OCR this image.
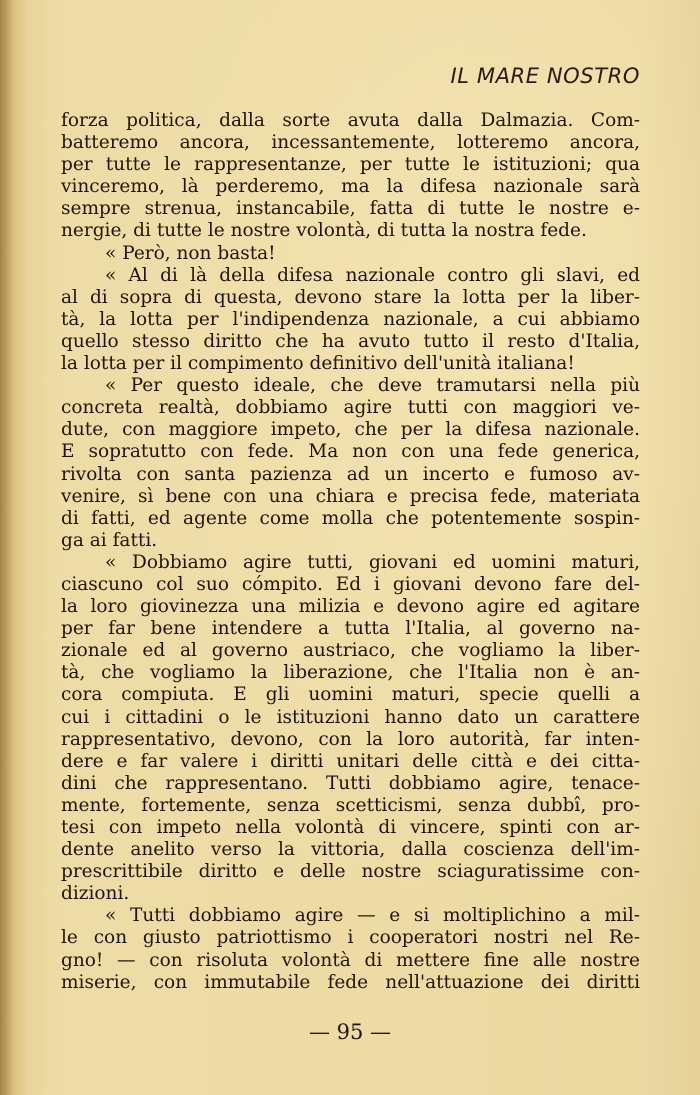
IL MARE NOSTRO
forza politica, dalla sorte avuta dalla Dalmazia. Com-
batteremo ancora, incessantemente, lotteremo ancora,
per tutte le rappresentanze, per tutte le istituzioni; qua
vinceremo, là perderemo, ma la difesa nazionale sarà
sempre strenua, instancabile, fatta di tutte le nostre e-
nergie, di tutte le nostre volontà, di tutta la nostra fede.
« Però, non basta!
« Al di là della difesa nazionale contro gli slavi, ed
al di sopra di questa, devono stare la lotta per la liber-
tà, la lotta per l'indipendenza nazionale, a cui abbiamo
quello stesso diritto che ha avuto tutto il resto d'Italia,
la lotta per il compimento definitivo dell'unità italiana!
« Per questo ideale, che deve tramutarsi nella più
concreta realtà, dobbiamo agire tutti con maggiori ve-
dute, con maggiore impeto, che per la difesa nazionale.
E sopratutto con fede. Ma non con una fede generica,
rivolta con santa pazienza ad un incerto e fumoso av-
venire, sì bene con una chiara e precisa fede, materiata
di fatti, ed agente come molla che potentemente sospin-
ga ai fatti.
« Dobbiamo agire tutti, giovani ed uomini maturi,
ciascuno col suo cómpito. Ed i giovani devono fare del-
la loro giovinezza una milizia e devono agire ed agitare
per far bene intendere a tutta l'Italia, al governo na-
zionale ed al governo austriaco, che vogliamo la liber-
tà, che vogliamo la liberazione, che l'Italia non è an-
cora compiuta. E gli uomini maturi, specie quelli a
cui i cittadini o le istituzioni hanno dato un carattere
rappresentativo, devono, con la loro autorità, far inten-
dere e far valere i diritti unitari delle città e dei citta-
dini che rappresentano. Tutti dobbiamo agire, tenace-
mente, fortemente, senza scetticismi, senza dubbî, pro-
tesi con impeto nella volontà di vincere, spinti con ar-
dente anelito verso la vittoria, dalla coscienza dell'im-
prescrittibile diritto e delle nostre sciaguratissime con-
dizioni.
« Tutti dobbiamo agire — e si moltiplichino a mil-
le con giusto patriottismo i cooperatori nostri nel Re-
gno! — con risoluta volontà di mettere fine alle nostre
miserie, con immutabile fede nell'attuazione dei diritti
— 95 —
